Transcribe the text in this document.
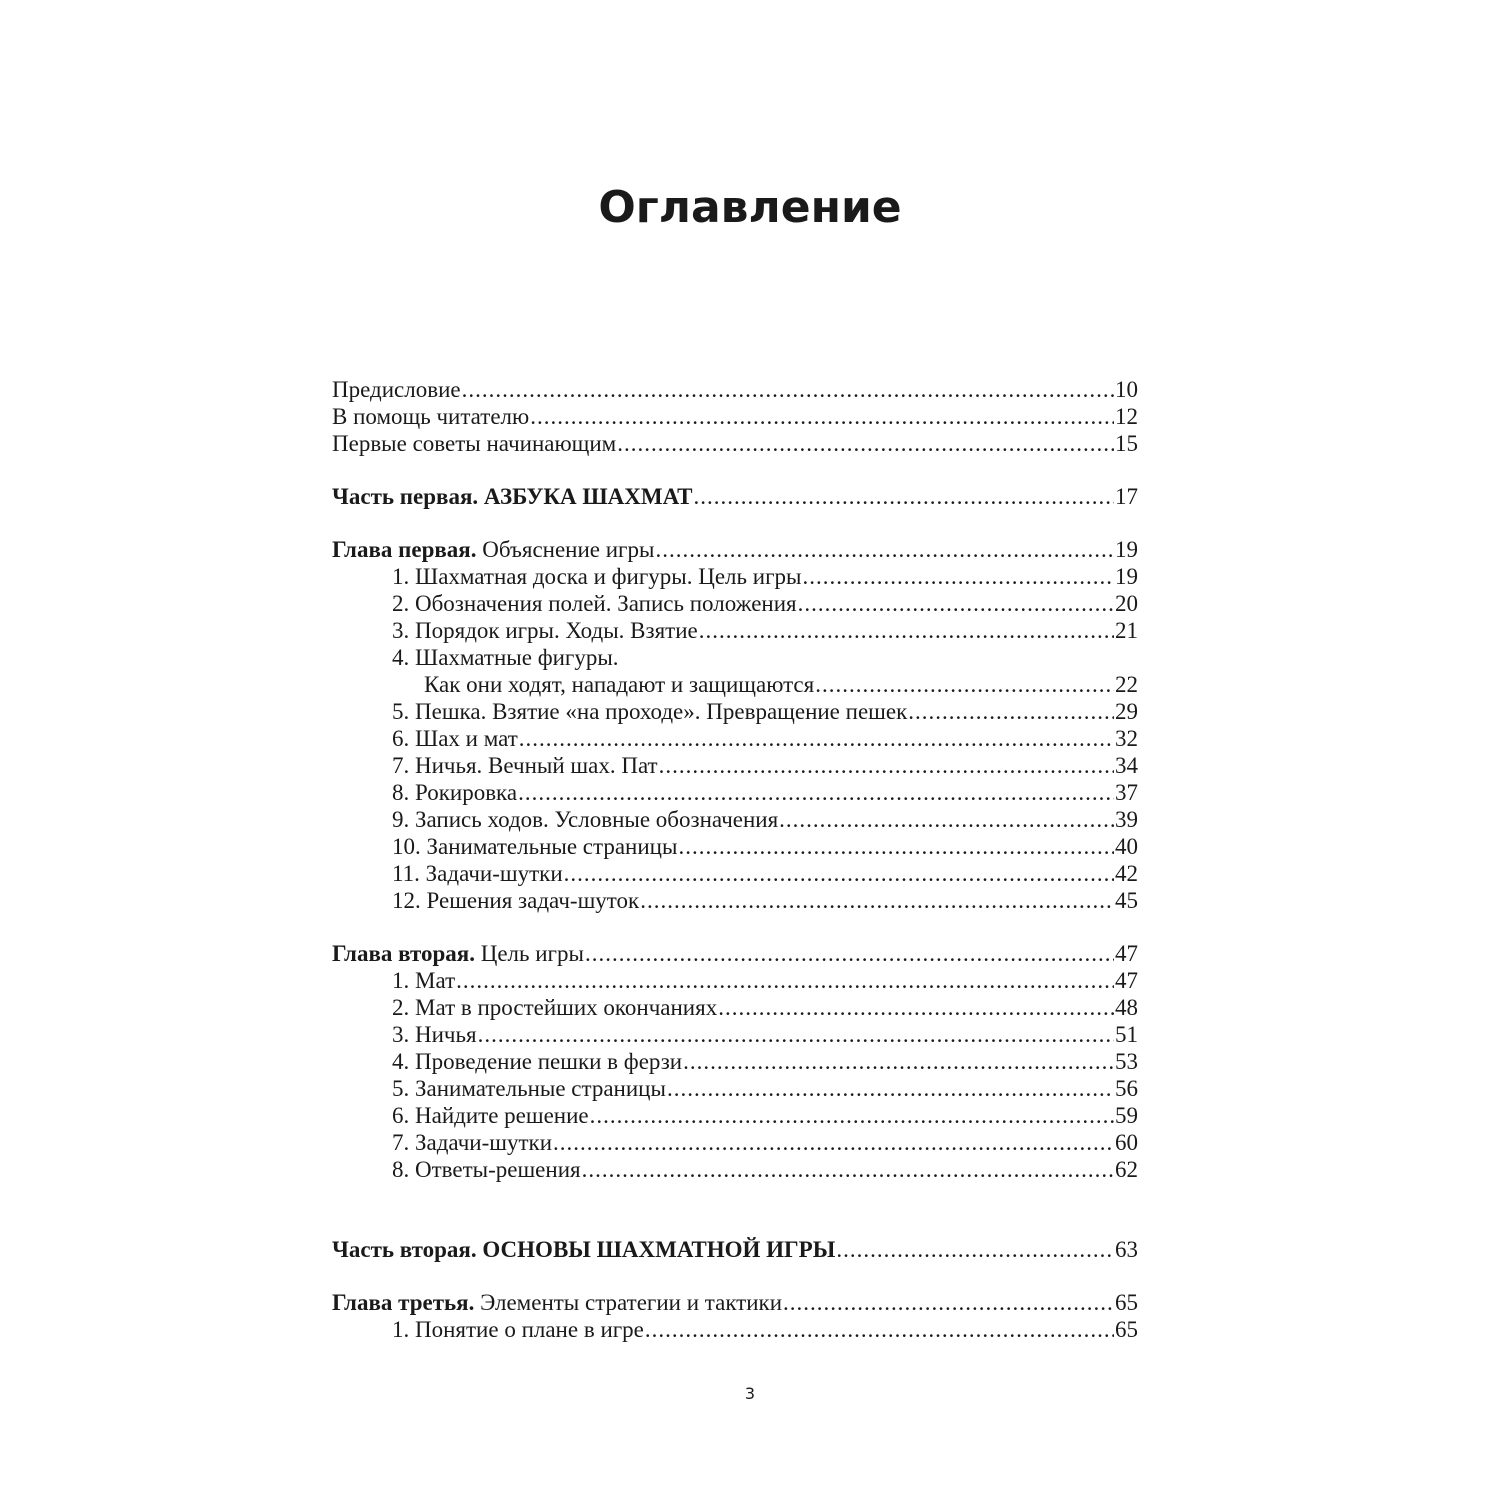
Оглавление
Предисловие .....	10
В помощь читателю .....	12
Первые советы начинающим .....	15
Часть первая. АЗБУКА ШАХМАТ .....	17
Глава первая. Объяснение игры .....	19
1. Шахматная доска и фигуры. Цель игры .....	19
2. Обозначения полей. Запись положения .....	20
3. Порядок игры. Ходы. Взятие .....	21
4. Шахматные фигуры.
Как они ходят, нападают и защищаются .....	22
5. Пешка. Взятие «на проходе». Превращение пешек .....	29
6. Шах и мат .....	32
7. Ничья. Вечный шах. Пат .....	34
8. Рокировка .....	37
9. Запись ходов. Условные обозначения .....	39
10. Занимательные страницы .....	40
11. Задачи-шутки .....	42
12. Решения задач-шуток .....	45
Глава вторая. Цель игры .....	47
1. Мат .....	47
2. Мат в простейших окончаниях .....	48
3. Ничья .....	51
4. Проведение пешки в ферзи .....	53
5. Занимательные страницы .....	56
6. Найдите решение .....	59
7. Задачи-шутки .....	60
8. Ответы-решения .....	62
Часть вторая. ОСНОВЫ ШАХМАТНОЙ ИГРЫ .....	63
Глава третья. Элементы стратегии и тактики .....	65
1. Понятие о плане в игре .....	65
3
